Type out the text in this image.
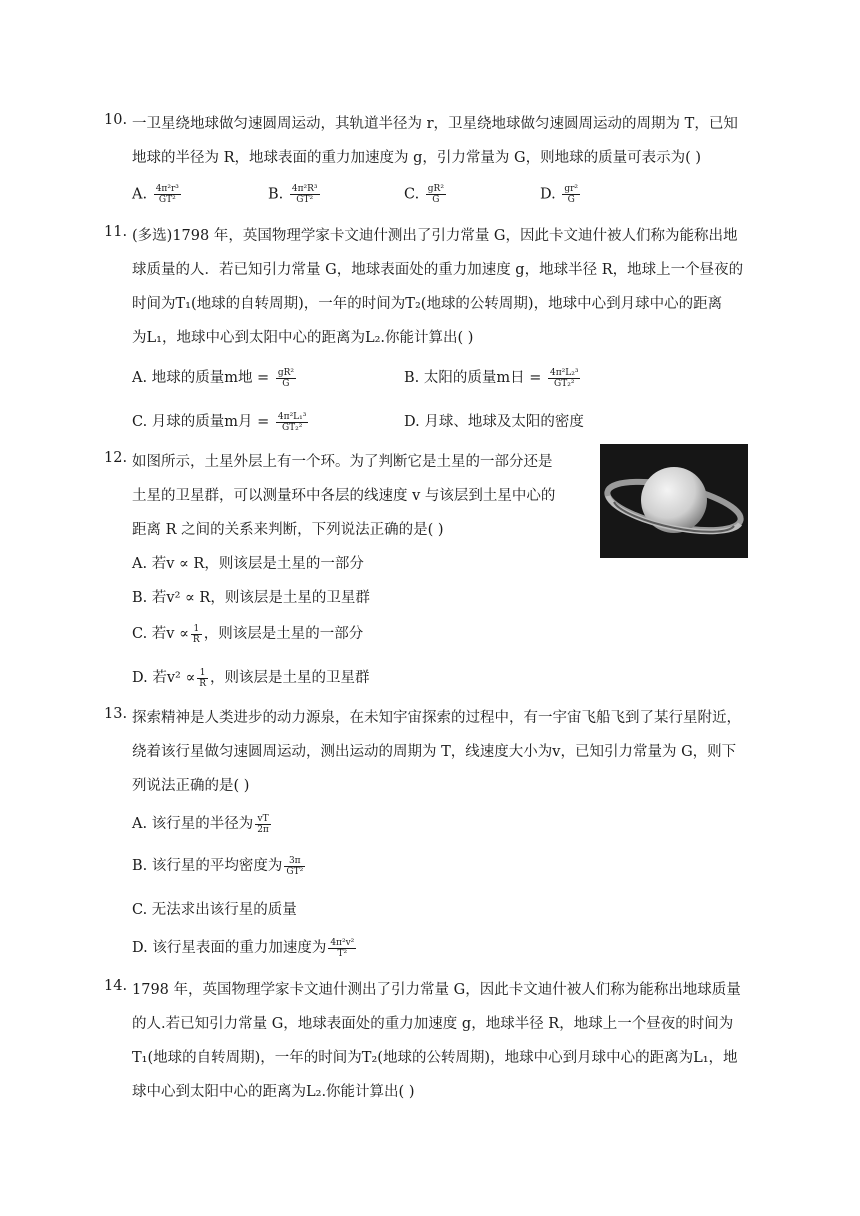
10. 一卫星绕地球做匀速圆周运动，其轨道半径为 r，卫星绕地球做匀速圆周运动的周期为 T，已知
地球的半径为 R，地球表面的重力加速度为 g，引力常量为 G，则地球的质量可表示为( )
A. $\frac{\text{4π²r³}}{\text{GT²}}$	B. $\frac{\text{4π²R³}}{\text{GT²}}$	C. $\frac{\text{gR²}}{G}$	D. $\frac{\text{gr²}}{G}$
11. (多选)1798 年，英国物理学家卡文迪什测出了引力常量 G，因此卡文迪什被人们称为能称出地
球质量的人．若已知引力常量 G，地球表面处的重力加速度 g，地球半径 R，地球上一个昼夜的
时间为T₁(地球的自转周期)，一年的时间为T₂(地球的公转周期)，地球中心到月球中心的距离
为L₁，地球中心到太阳中心的距离为L₂.你能计算出( )
A. 地球的质量m地 = $\frac{\text{gR²}}{G}$	B. 太阳的质量m日 = $\frac{\text{4π²L₂³}}{\text{GT₂²}}$
C. 月球的质量m月 = $\frac{\text{4π²L₁³}}{\text{GT₂²}}$	D. 月球、地球及太阳的密度
12. 如图所示，土星外层上有一个环。为了判断它是土星的一部分还是
土星的卫星群，可以测量环中各层的线速度 v 与该层到土星中心的
距离 R 之间的关系来判断，下列说法正确的是( )
A. 若v ∝ R，则该层是土星的一部分
B. 若v² ∝ R，则该层是土星的卫星群
C. 若$v \propto \frac{1}{R}$ ，则该层是土星的一部分
D. 若$v^2 \propto \frac{1}{R}$ ，则该层是土星的卫星群
13. 探索精神是人类进步的动力源泉，在未知宇宙探索的过程中，有一宇宙飞船飞到了某行星附近，
绕着该行星做匀速圆周运动，测出运动的周期为 T，线速度大小为v，已知引力常量为 G，则下
列说法正确的是( )
A. 该行星的半径为 $\frac{vT}{2\pi}$
B. 该行星的平均密度为 $\frac{3\pi}{\text{GT²}}$
C. 无法求出该行星的质量
D. 该行星表面的重力加速度为 $\frac{\text{4π²v²}}{\text{T²}}$
14. 1798 年，英国物理学家卡文迪什测出了引力常量 G，因此卡文迪什被人们称为能称出地球质量
的人.若已知引力常量 G，地球表面处的重力加速度 g，地球半径 R，地球上一个昼夜的时间为
T₁(地球的自转周期)，一年的时间为T₂(地球的公转周期)，地球中心到月球中心的距离为L₁，地
球中心到太阳中心的距离为L₂.你能计算出( )
